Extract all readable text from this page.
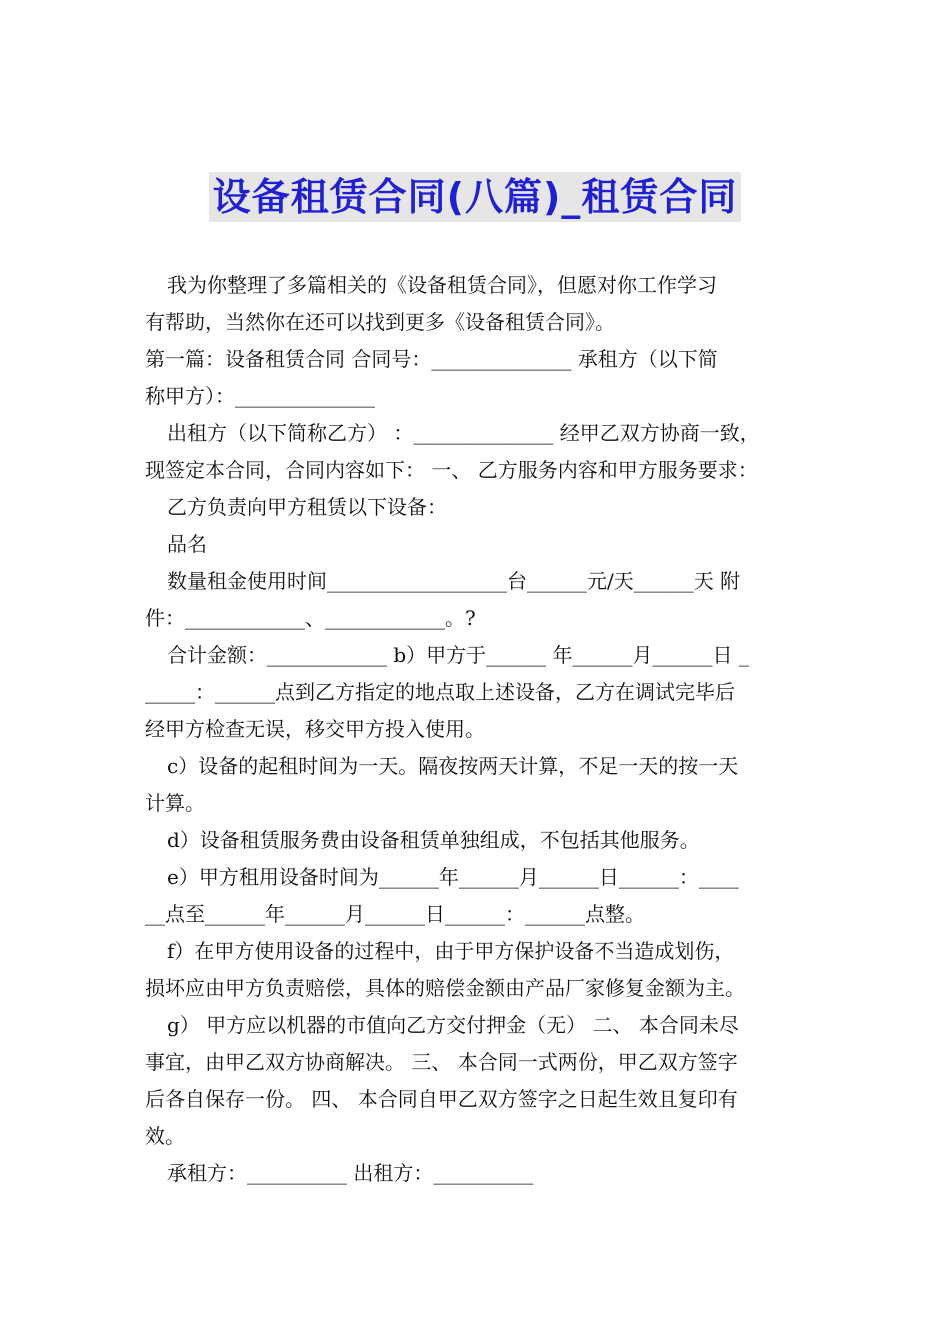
设备租赁合同(八篇)_租赁合同
我为你整理了多篇相关的《设备租赁合同》，但愿对你工作学习
有帮助，当然你在还可以找到更多《设备租赁合同》。
第一篇：设备租赁合同 合同号：______________ 承租方（以下简
称甲方）：______________
出租方（以下简称乙方） ：______________ 经甲乙双方协商一致，
现签定本合同，合同内容如下： 一、 乙方服务内容和甲方服务要求：
乙方负责向甲方租赁以下设备：
品名
数量租金使用时间__________________台______元/天______天 附
件：____________、____________。?
合计金额：____________ b）甲方于______ 年______月______日 _
_____：______点到乙方指定的地点取上述设备，乙方在调试完毕后
经甲方检查无误，移交甲方投入使用。
c）设备的起租时间为一天。隔夜按两天计算，不足一天的按一天
计算。
d）设备租赁服务费由设备租赁单独组成，不包括其他服务。
e）甲方租用设备时间为______年______月______日______：____
__点至______年______月______日______：______点整。
f）在甲方使用设备的过程中，由于甲方保护设备不当造成划伤，
损坏应由甲方负责赔偿，具体的赔偿金额由产品厂家修复金额为主。
g） 甲方应以机器的市值向乙方交付押金（无） 二、 本合同未尽
事宜，由甲乙双方协商解决。 三、 本合同一式两份，甲乙双方签字
后各自保存一份。 四、 本合同自甲乙双方签字之日起生效且复印有
效。
承租方：__________ 出租方：__________
